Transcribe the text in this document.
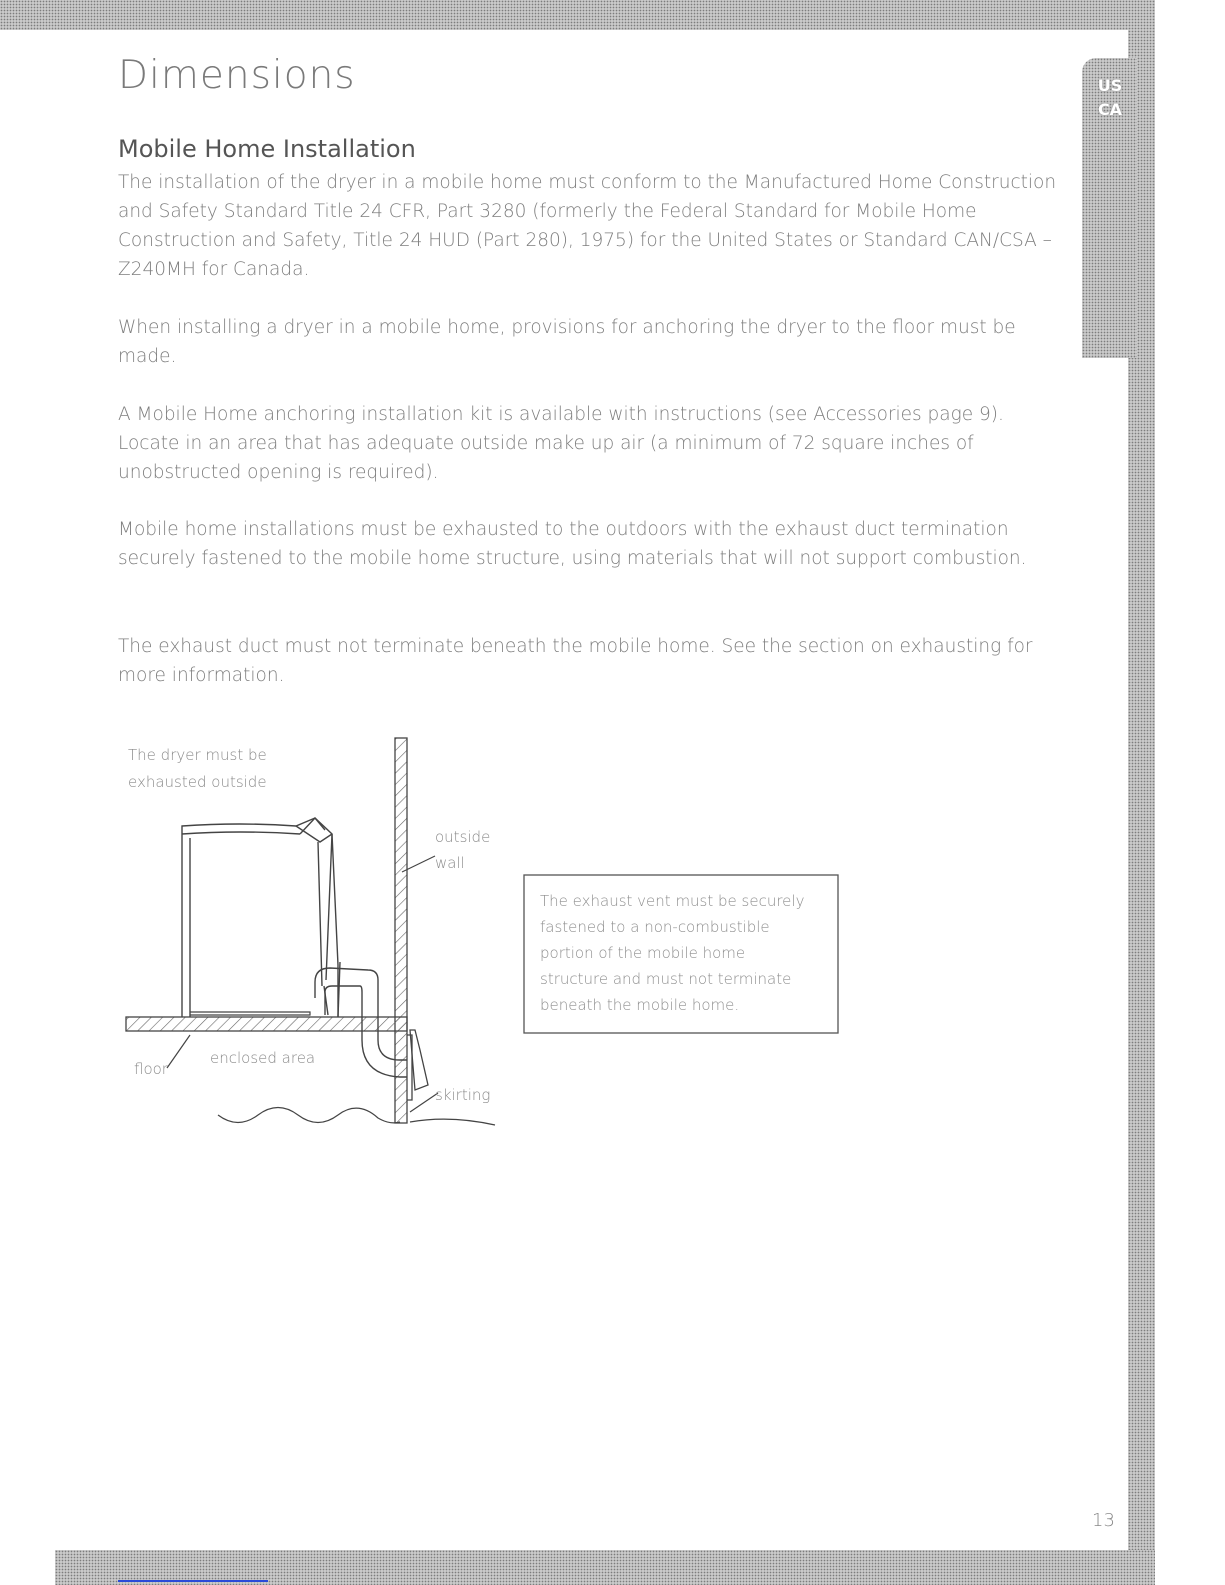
US
CA
Dimensions
Mobile Home Installation

The installation of the dryer in a mobile home must conform to the Manufactured Home Construction and Safety Standard Title 24 CFR, Part 3280 (formerly the Federal Standard for Mobile Home Construction and Safety, Title 24 HUD (Part 280), 1975) for the United States or Standard CAN/CSA – Z240MH for Canada.

When installing a dryer in a mobile home, provisions for anchoring the dryer to the floor must be made.

A Mobile Home anchoring installation kit is available with instructions (see Accessories page 9). Locate in an area that has adequate outside make up air (a minimum of 72 square inches of unobstructed opening is required).

Mobile home installations must be exhausted to the outdoors with the exhaust duct termination securely fastened to the mobile home structure, using materials that will not support combustion.

The exhaust duct must not terminate beneath the mobile home. See the section on exhausting for more information.

The dryer must be
exhausted outside
outside
wall
floor
enclosed area
skirting
The exhaust vent must be securely
fastened to a non-combustible
portion of the mobile home
structure and must not terminate
beneath the mobile home.
13
